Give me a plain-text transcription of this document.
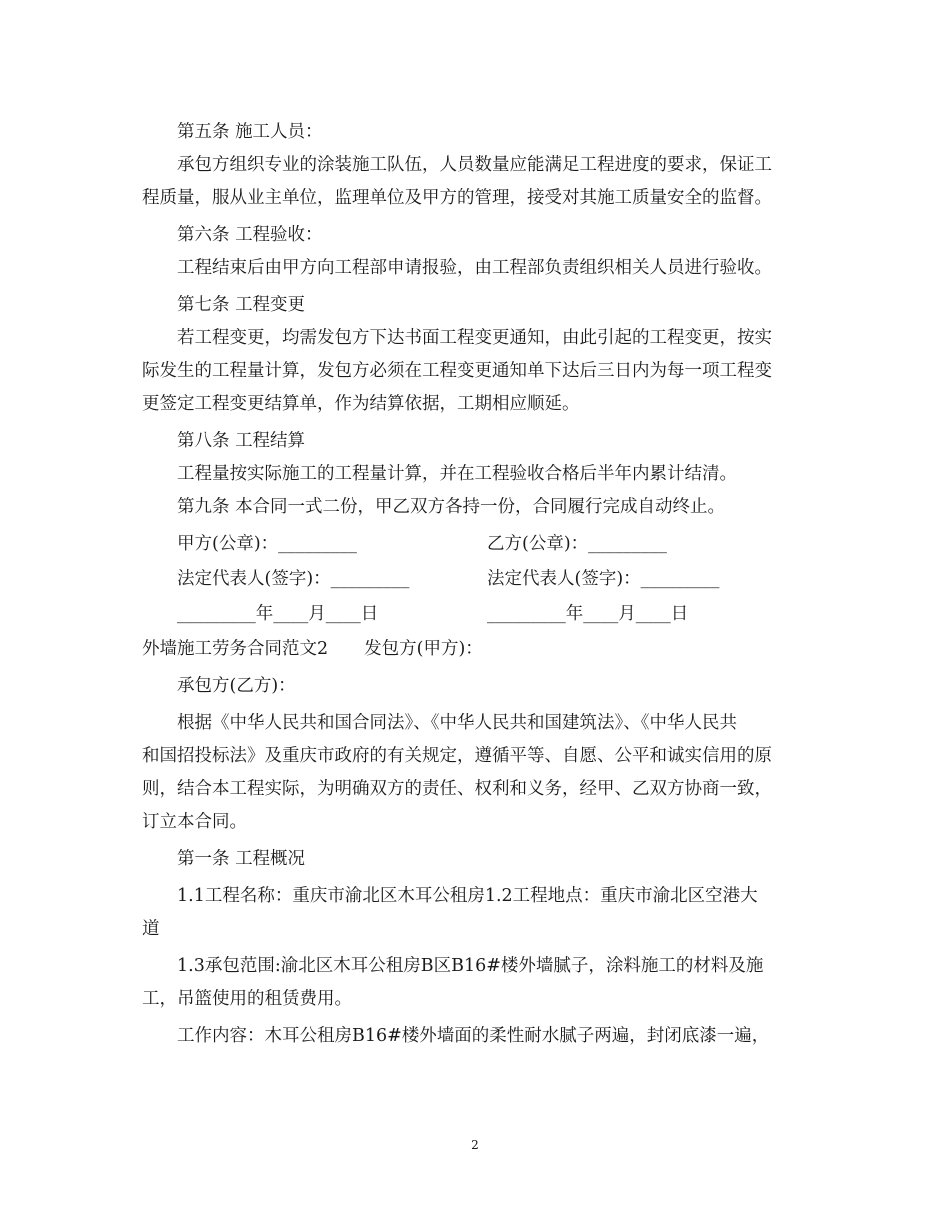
第五条 施工人员：

承包方组织专业的涂装施工队伍，人员数量应能满足工程进度的要求，保证工

程质量，服从业主单位，监理单位及甲方的管理，接受对其施工质量安全的监督。

第六条 工程验收：

工程结束后由甲方向工程部申请报验，由工程部负责组织相关人员进行验收。

第七条 工程变更

若工程变更，均需发包方下达书面工程变更通知，由此引起的工程变更，按实

际发生的工程量计算，发包方必须在工程变更通知单下达后三日内为每一项工程变

更签定工程变更结算单，作为结算依据，工期相应顺延。

第八条 工程结算

工程量按实际施工的工程量计算，并在工程验收合格后半年内累计结清。

第九条 本合同一式二份，甲乙双方各持一份，合同履行完成自动终止。

甲方(公章)：_________	乙方(公章)：_________
法定代表人(签字)：_________	法定代表人(签字)：_________
_________年____月____日	_________年____月____日

外墙施工劳务合同范文2 发包方(甲方)：

承包方(乙方)：

根据《中华人民共和国合同法》、《中华人民共和国建筑法》、《中华人民共

和国招投标法》及重庆市政府的有关规定，遵循平等、自愿、公平和诚实信用的原

则，结合本工程实际，为明确双方的责任、权利和义务，经甲、乙双方协商一致，

订立本合同。

第一条 工程概况

1.1工程名称：重庆市渝北区木耳公租房1.2工程地点：重庆市渝北区空港大

道

1.3承包范围:渝北区木耳公租房B区B16#楼外墙腻子，涂料施工的材料及施

工，吊篮使用的租赁费用。

工作内容：木耳公租房B16#楼外墙面的柔性耐水腻子两遍，封闭底漆一遍，

2
